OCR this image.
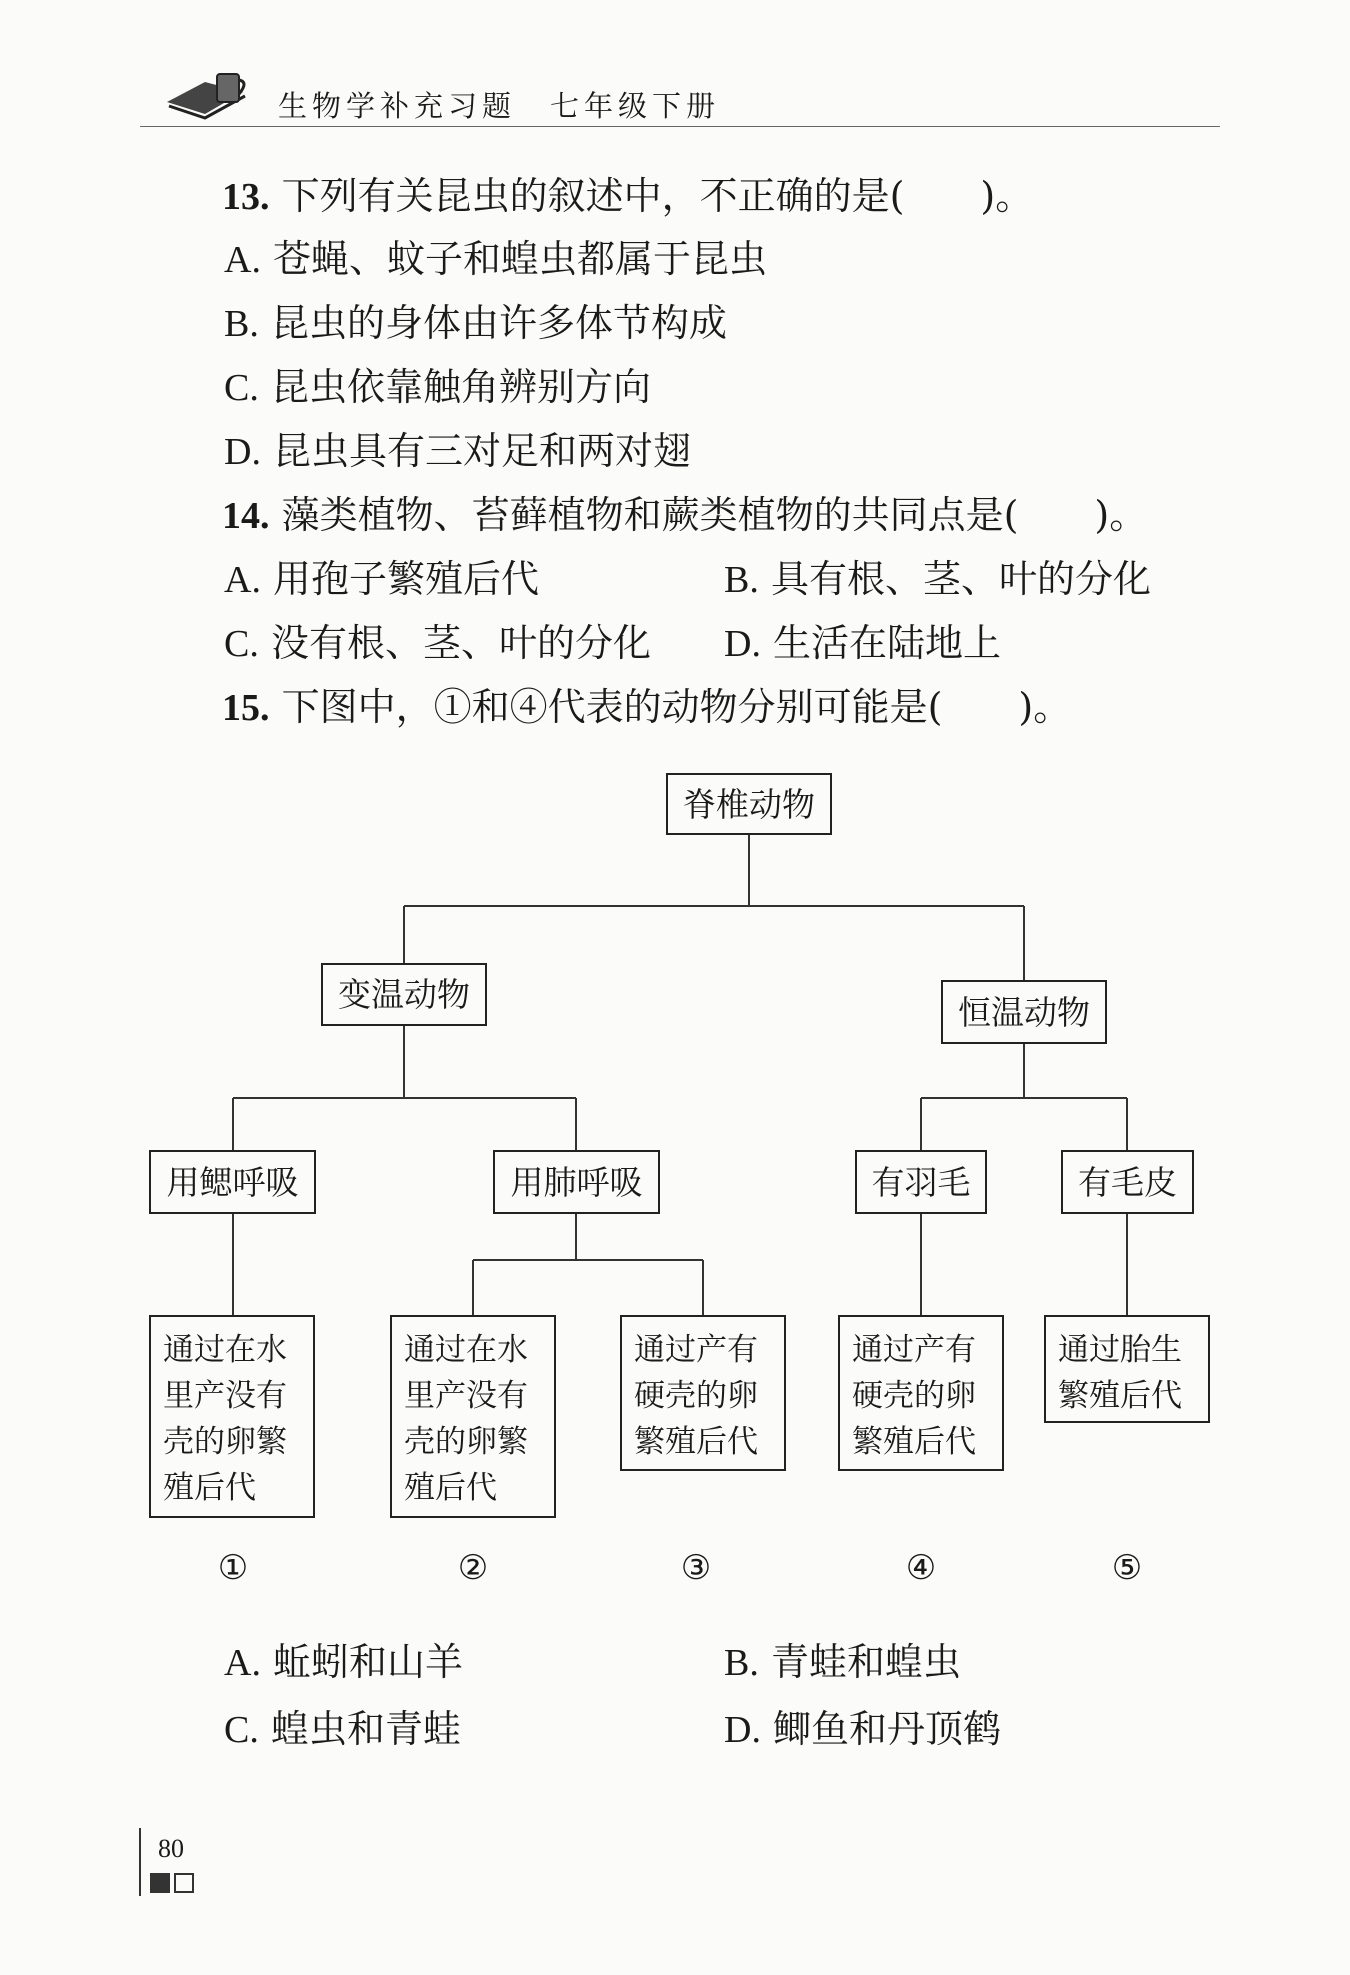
生物学补充习题　七年级下册
13. 下列有关昆虫的叙述中，不正确的是(　　)。
A. 苍蝇、蚊子和蝗虫都属于昆虫
B. 昆虫的身体由许多体节构成
C. 昆虫依靠触角辨别方向
D. 昆虫具有三对足和两对翅
14. 藻类植物、苔藓植物和蕨类植物的共同点是(　　)。
A. 用孢子繁殖后代	B. 具有根、茎、叶的分化
C. 没有根、茎、叶的分化 D. 生活在陆地上
15. 下图中，①和④代表的动物分别可能是(　　)。
脊椎动物
变温动物	恒温动物
用鳃呼吸	用肺呼吸	有羽毛	有毛皮
通过在水
里产没有
壳的卵繁
殖后代
通过在水
里产没有
壳的卵繁
殖后代
通过产有
硬壳的卵
繁殖后代
通过产有
硬壳的卵
繁殖后代
通过胎生
繁殖后代
①	②	③	④	⑤
A. 蚯蚓和山羊	B. 青蛙和蝗虫
C. 蝗虫和青蛙	D. 鲫鱼和丹顶鹤
80
